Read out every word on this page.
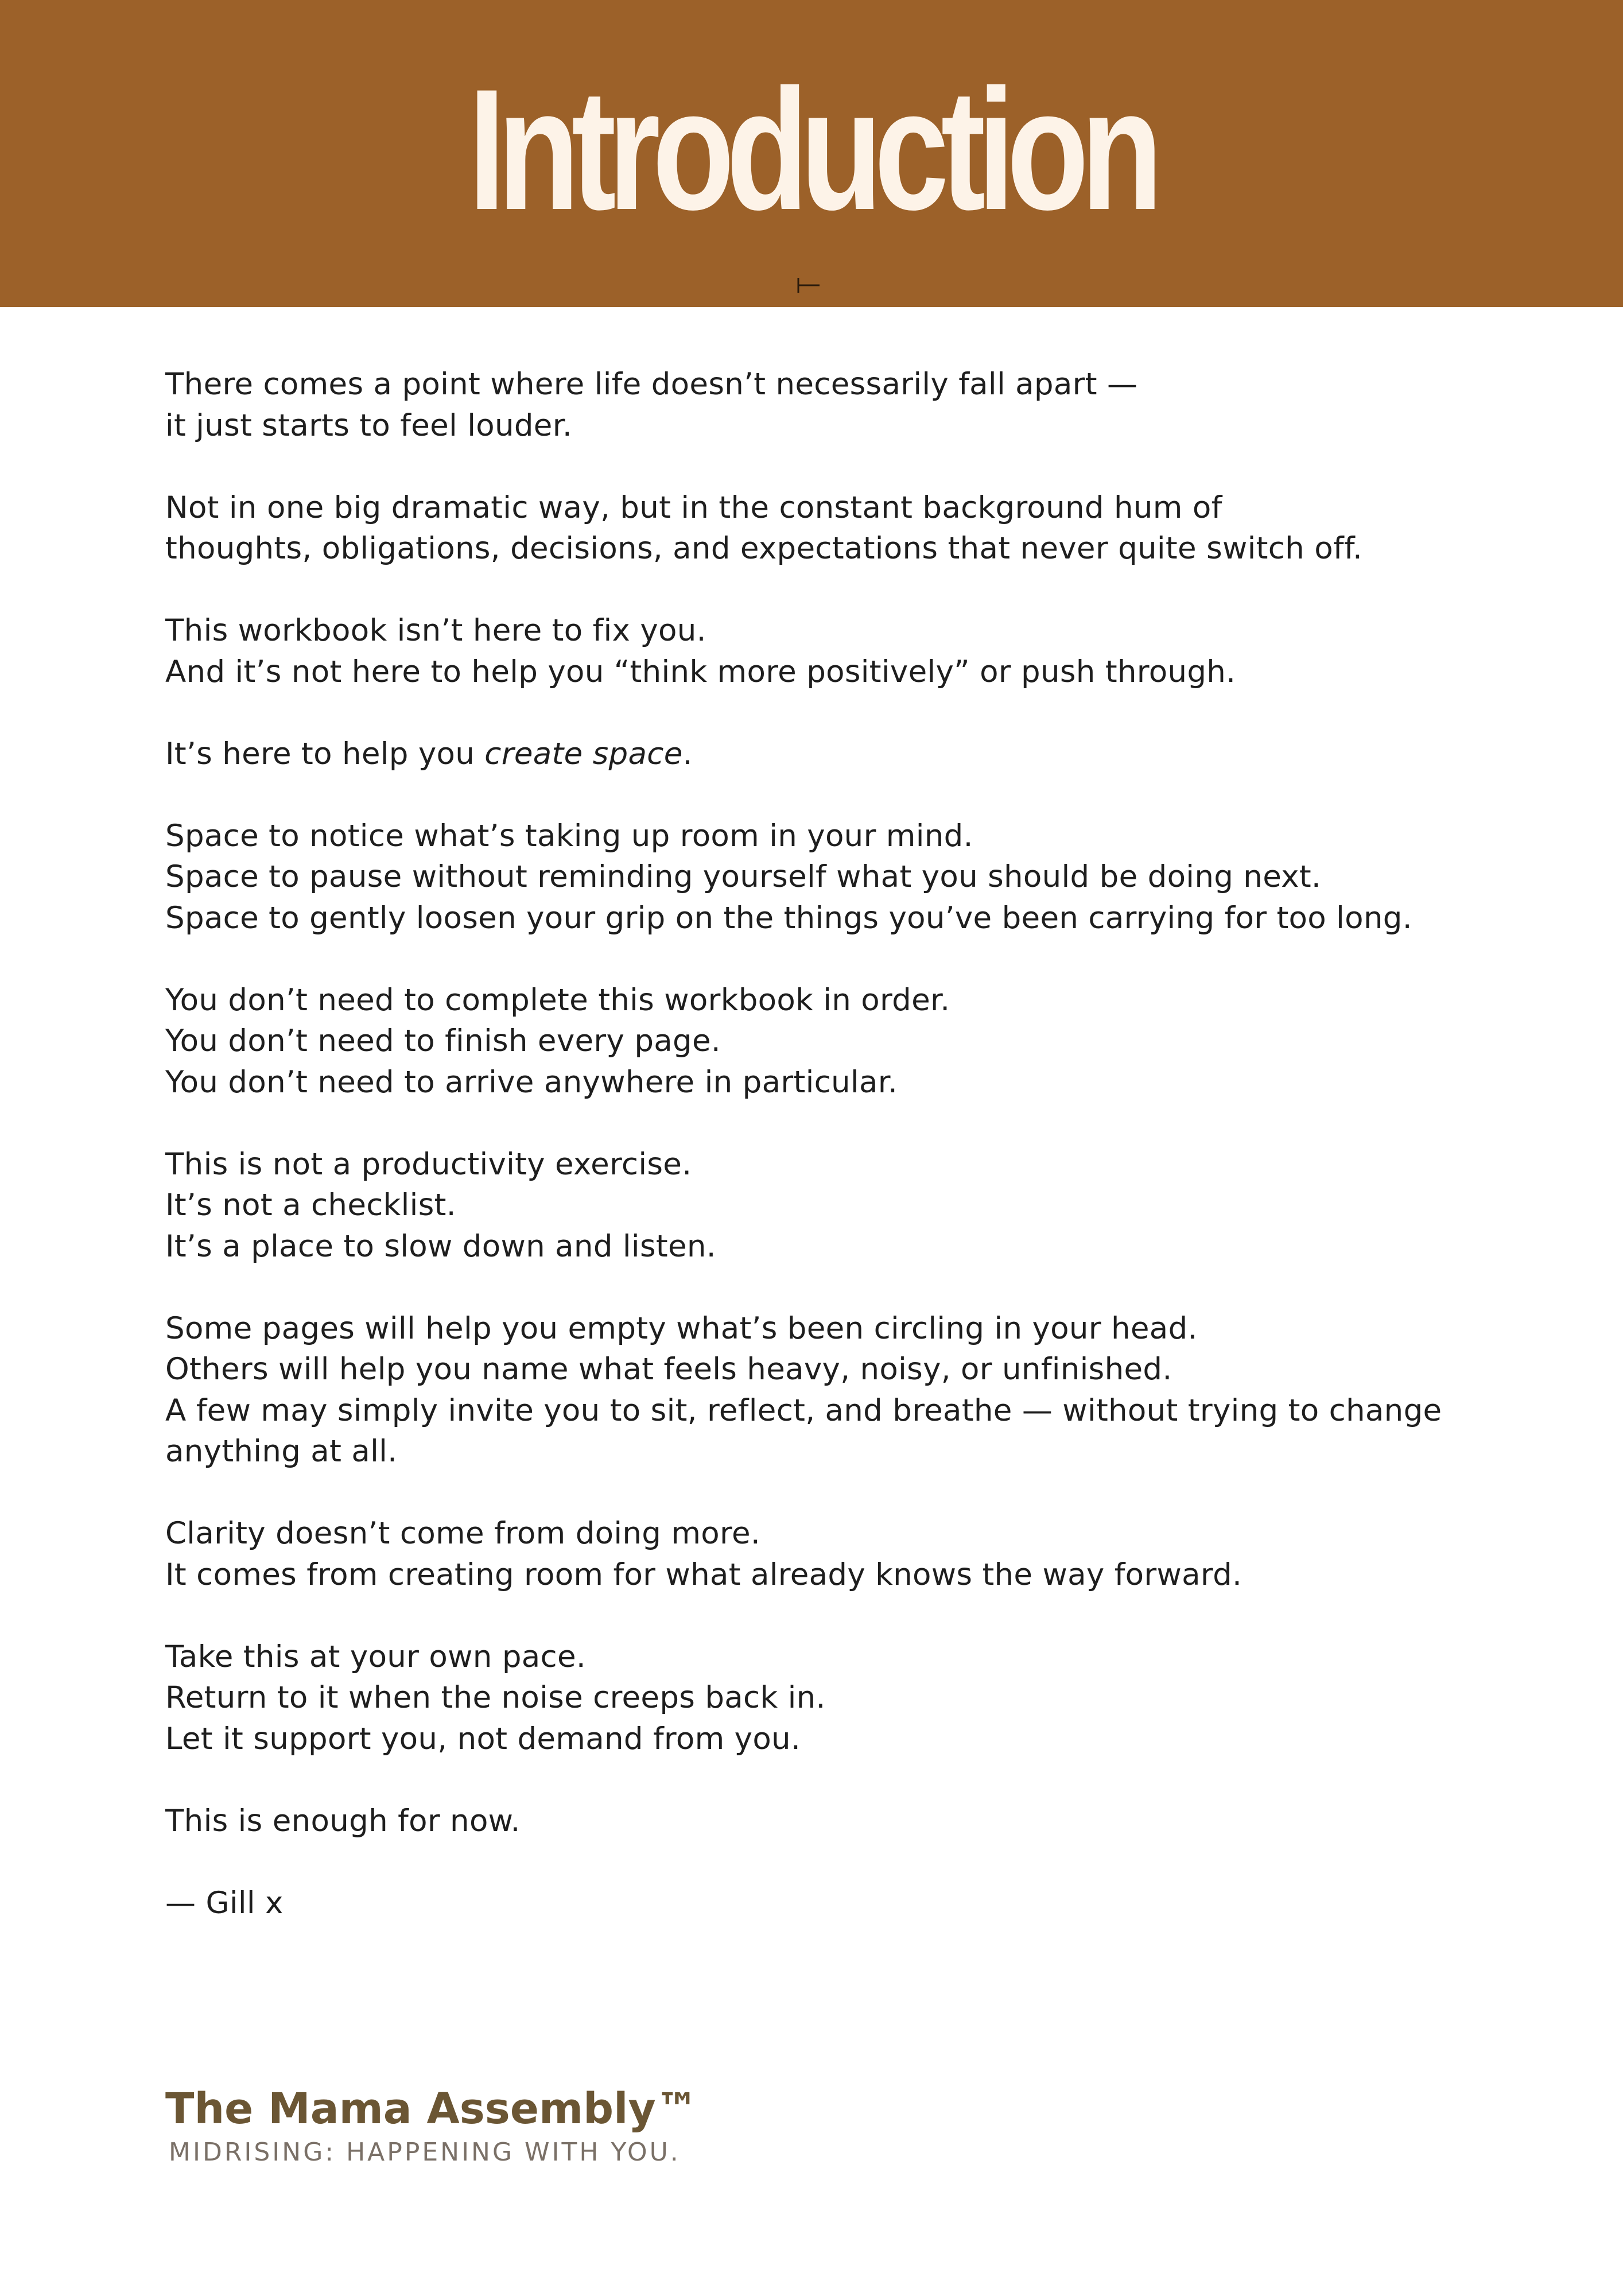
Introduction

There comes a point where life doesn’t necessarily fall apart —
it just starts to feel louder.

Not in one big dramatic way, but in the constant background hum of
thoughts, obligations, decisions, and expectations that never quite switch off.

This workbook isn’t here to fix you.
And it’s not here to help you “think more positively” or push through.

It’s here to help you create space.

Space to notice what’s taking up room in your mind.
Space to pause without reminding yourself what you should be doing next.
Space to gently loosen your grip on the things you’ve been carrying for too long.

You don’t need to complete this workbook in order.
You don’t need to finish every page.
You don’t need to arrive anywhere in particular.

This is not a productivity exercise.
It’s not a checklist.
It’s a place to slow down and listen.

Some pages will help you empty what’s been circling in your head.
Others will help you name what feels heavy, noisy, or unfinished.
A few may simply invite you to sit, reflect, and breathe — without trying to change anything at all.

Clarity doesn’t come from doing more.
It comes from creating room for what already knows the way forward.

Take this at your own pace.
Return to it when the noise creeps back in.
Let it support you, not demand from you.

This is enough for now.

— Gill x

The Mama Assembly™
MIDRISING: HAPPENING WITH YOU.
